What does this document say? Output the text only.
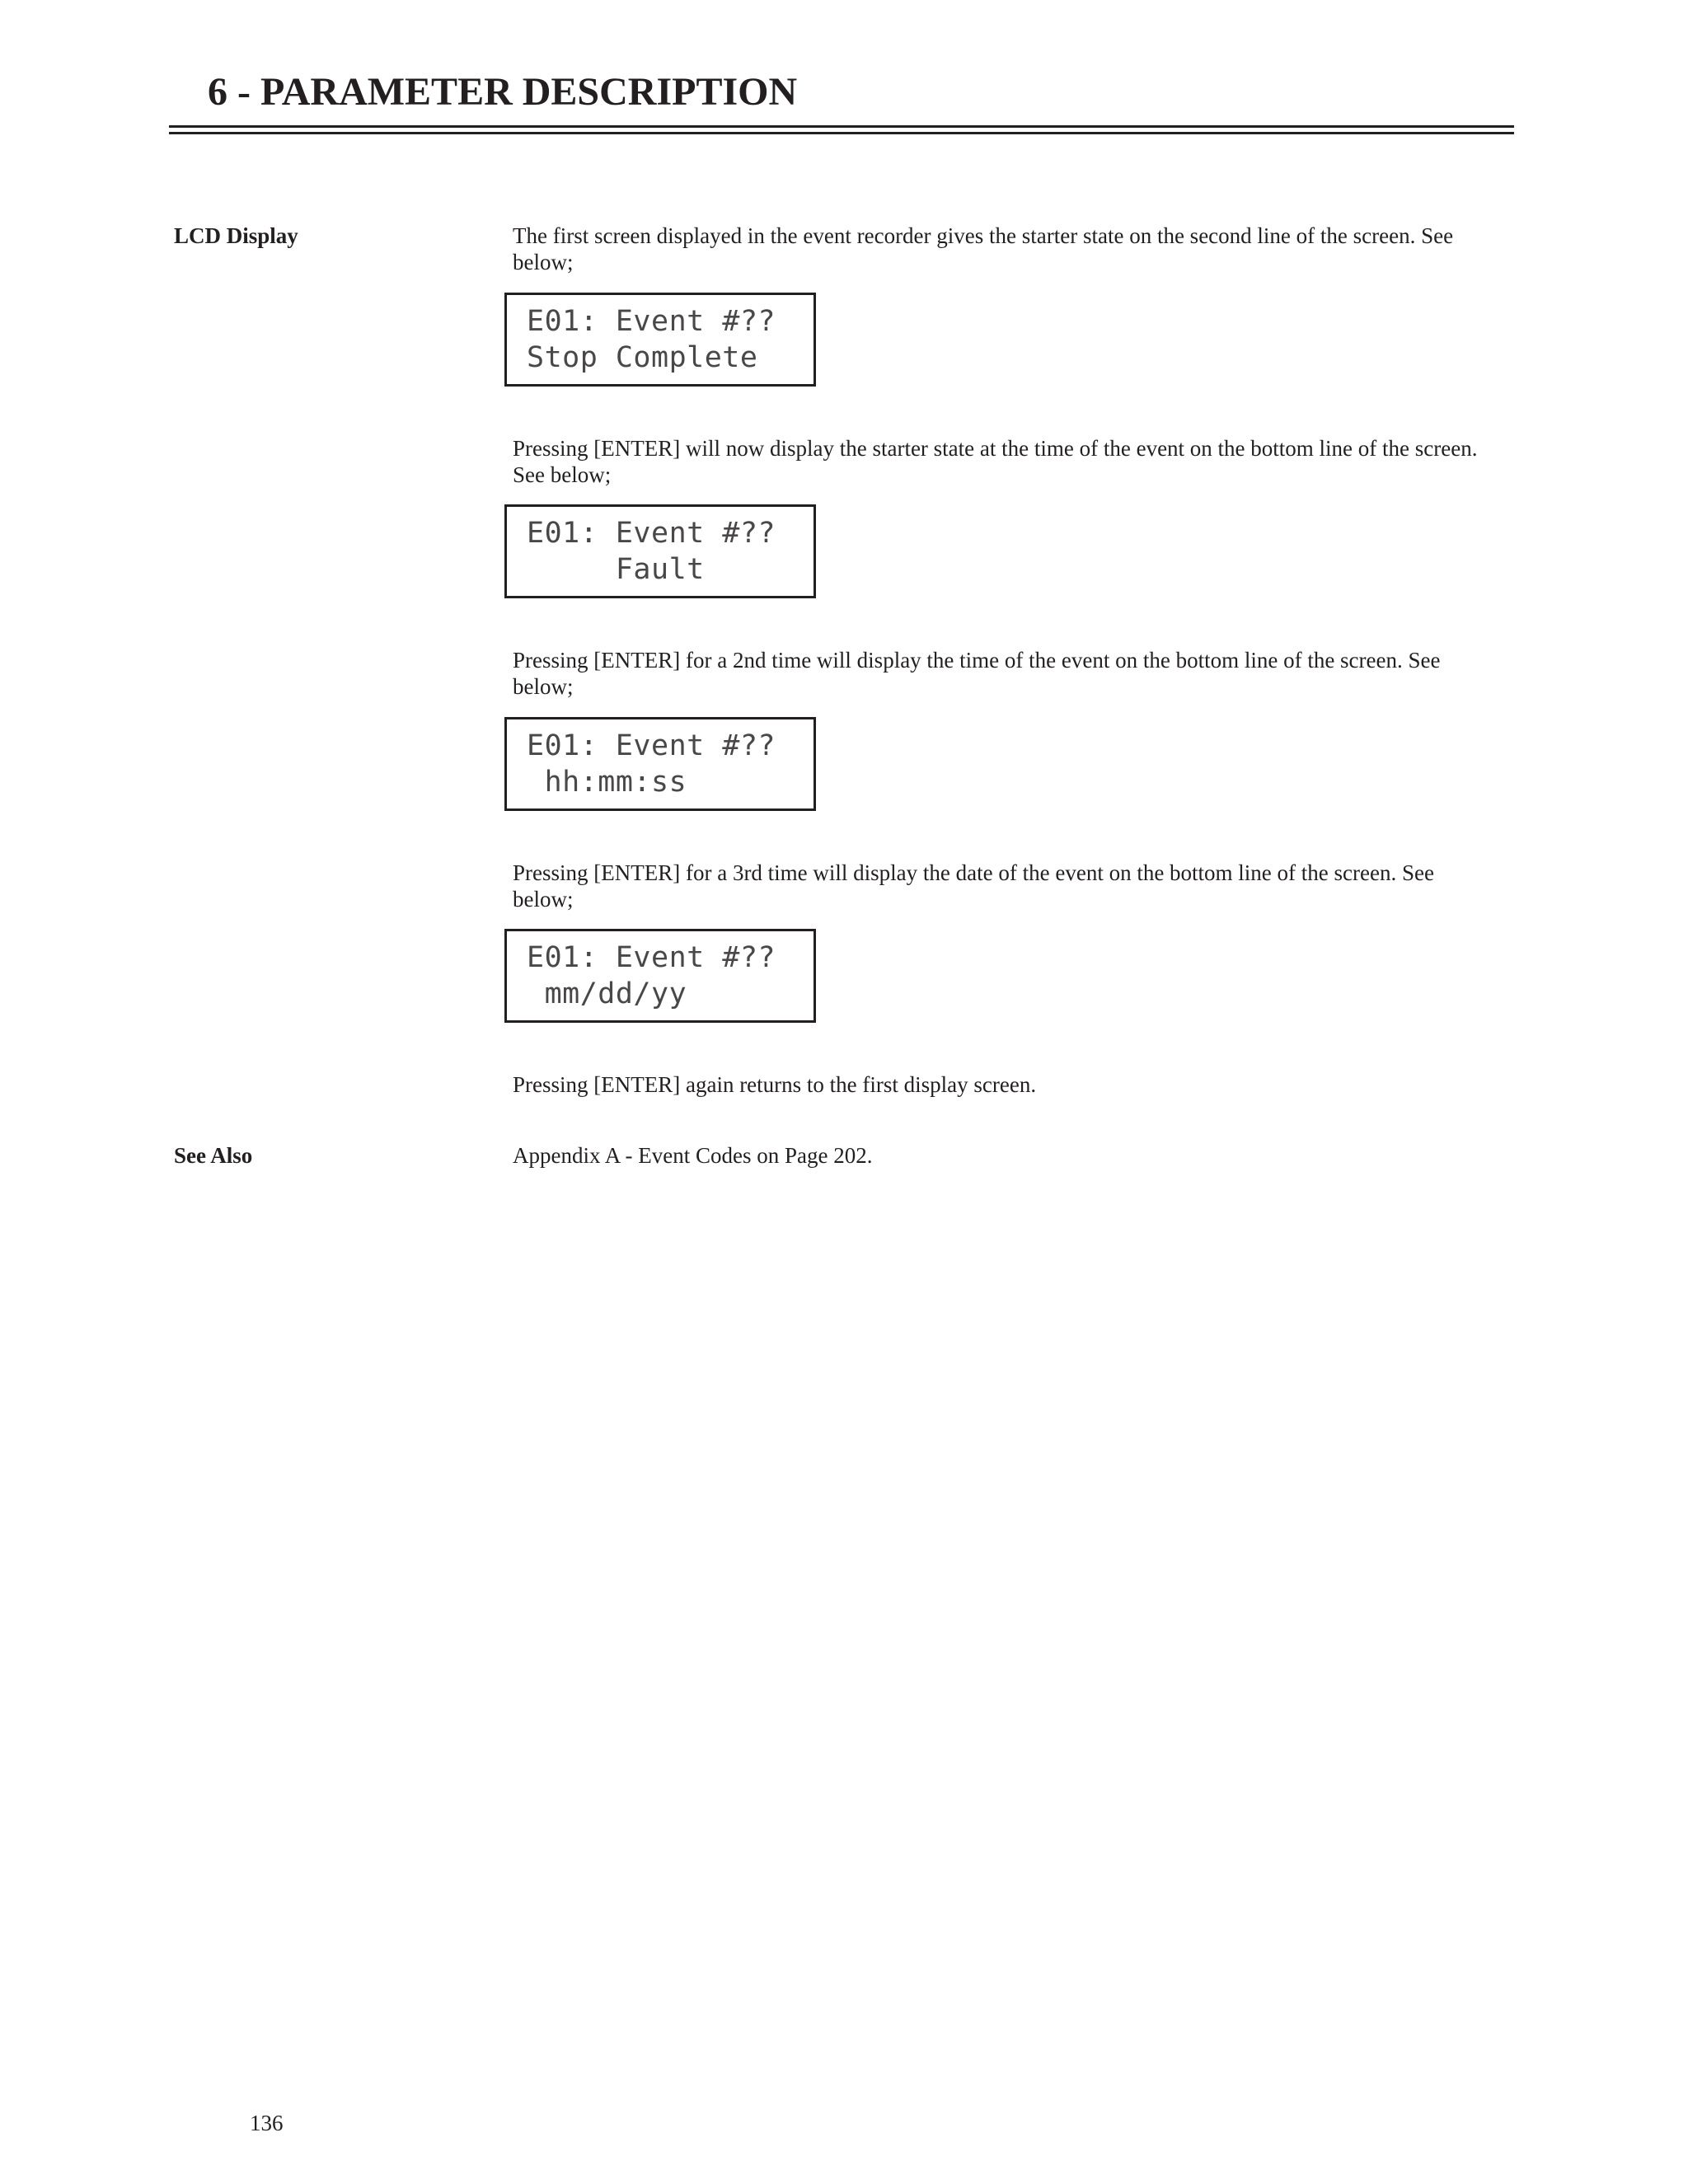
6 - PARAMETER DESCRIPTION
LCD Display	The first screen displayed in the event recorder gives the starter state on the second line of the screen. See below;
E01: Event #??
Stop Complete
Pressing [ENTER] will now display the starter state at the time of the event on the bottom line of the screen. See below;
E01: Event #??
Fault
Pressing [ENTER] for a 2nd time will display the time of the event on the bottom line of the screen. See below;
E01: Event #??
hh:mm:ss
Pressing [ENTER] for a 3rd time will display the date of the event on the bottom line of the screen. See below;
E01: Event #??
mm/dd/yy
Pressing [ENTER] again returns to the first display screen.
See Also	Appendix A - Event Codes on Page 202.
136
